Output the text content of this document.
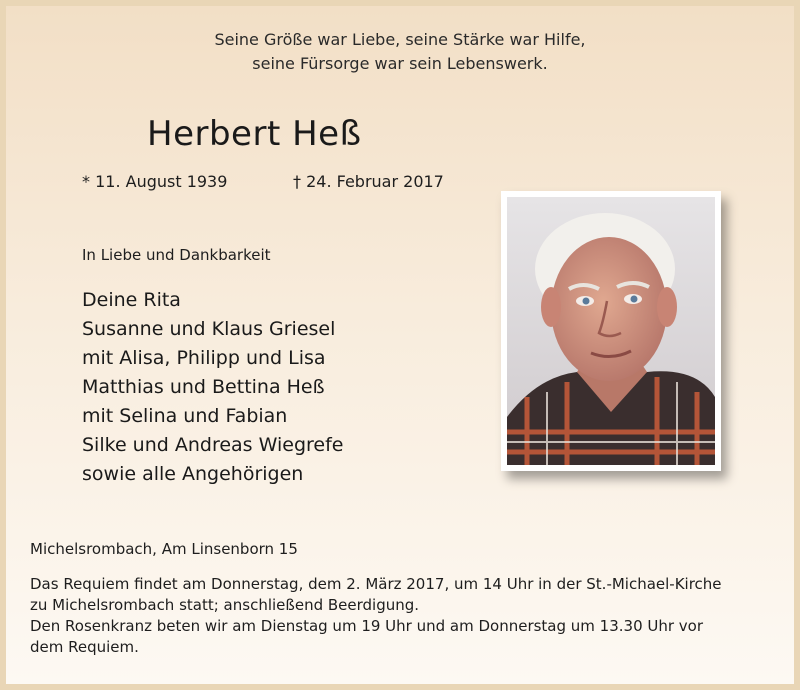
Seine Größe war Liebe, seine Stärke war Hilfe,
seine Fürsorge war sein Lebenswerk.
Herbert Heß
* 11. August 1939	† 24. Februar 2017
In Liebe und Dankbarkeit
Deine Rita
Susanne und Klaus Griesel
mit Alisa, Philipp und Lisa
Matthias und Bettina Heß
mit Selina und Fabian
Silke und Andreas Wiegrefe
sowie alle Angehörigen
Michelsrombach, Am Linsenborn 15
Das Requiem findet am Donnerstag, dem 2. März 2017, um 14 Uhr in der St.-Michael-Kirche
zu Michelsrombach statt; anschließend Beerdigung.
Den Rosenkranz beten wir am Dienstag um 19 Uhr und am Donnerstag um 13.30 Uhr vor
dem Requiem.
